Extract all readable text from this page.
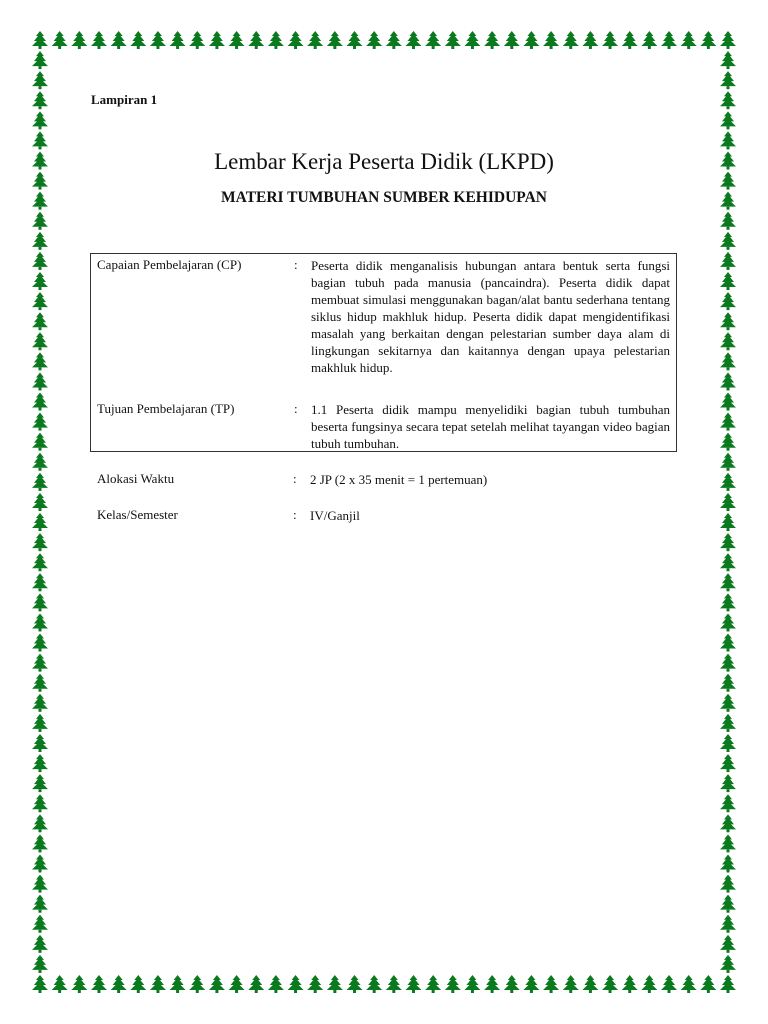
Lampiran 1
Lembar Kerja Peserta Didik (LKPD)
MATERI TUMBUHAN SUMBER KEHIDUPAN
Capaian Pembelajaran (CP)	: Peserta didik menganalisis hubungan antara bentuk serta fungsi bagian tubuh pada manusia (pancaindra). Peserta didik dapat membuat simulasi menggunakan bagan/alat bantu sederhana tentang siklus hidup makhluk hidup. Peserta didik dapat mengidentifikasi masalah yang berkaitan dengan pelestarian sumber daya alam di lingkungan sekitarnya dan kaitannya dengan upaya pelestarian makhluk hidup.
Tujuan Pembelajaran (TP)	: 1.1 Peserta didik mampu menyelidiki bagian tubuh tumbuhan beserta fungsinya secara tepat setelah melihat tayangan video bagian tubuh tumbuhan.
Alokasi Waktu	: 2 JP (2 x 35 menit = 1 pertemuan)
Kelas/Semester	: IV/Ganjil
